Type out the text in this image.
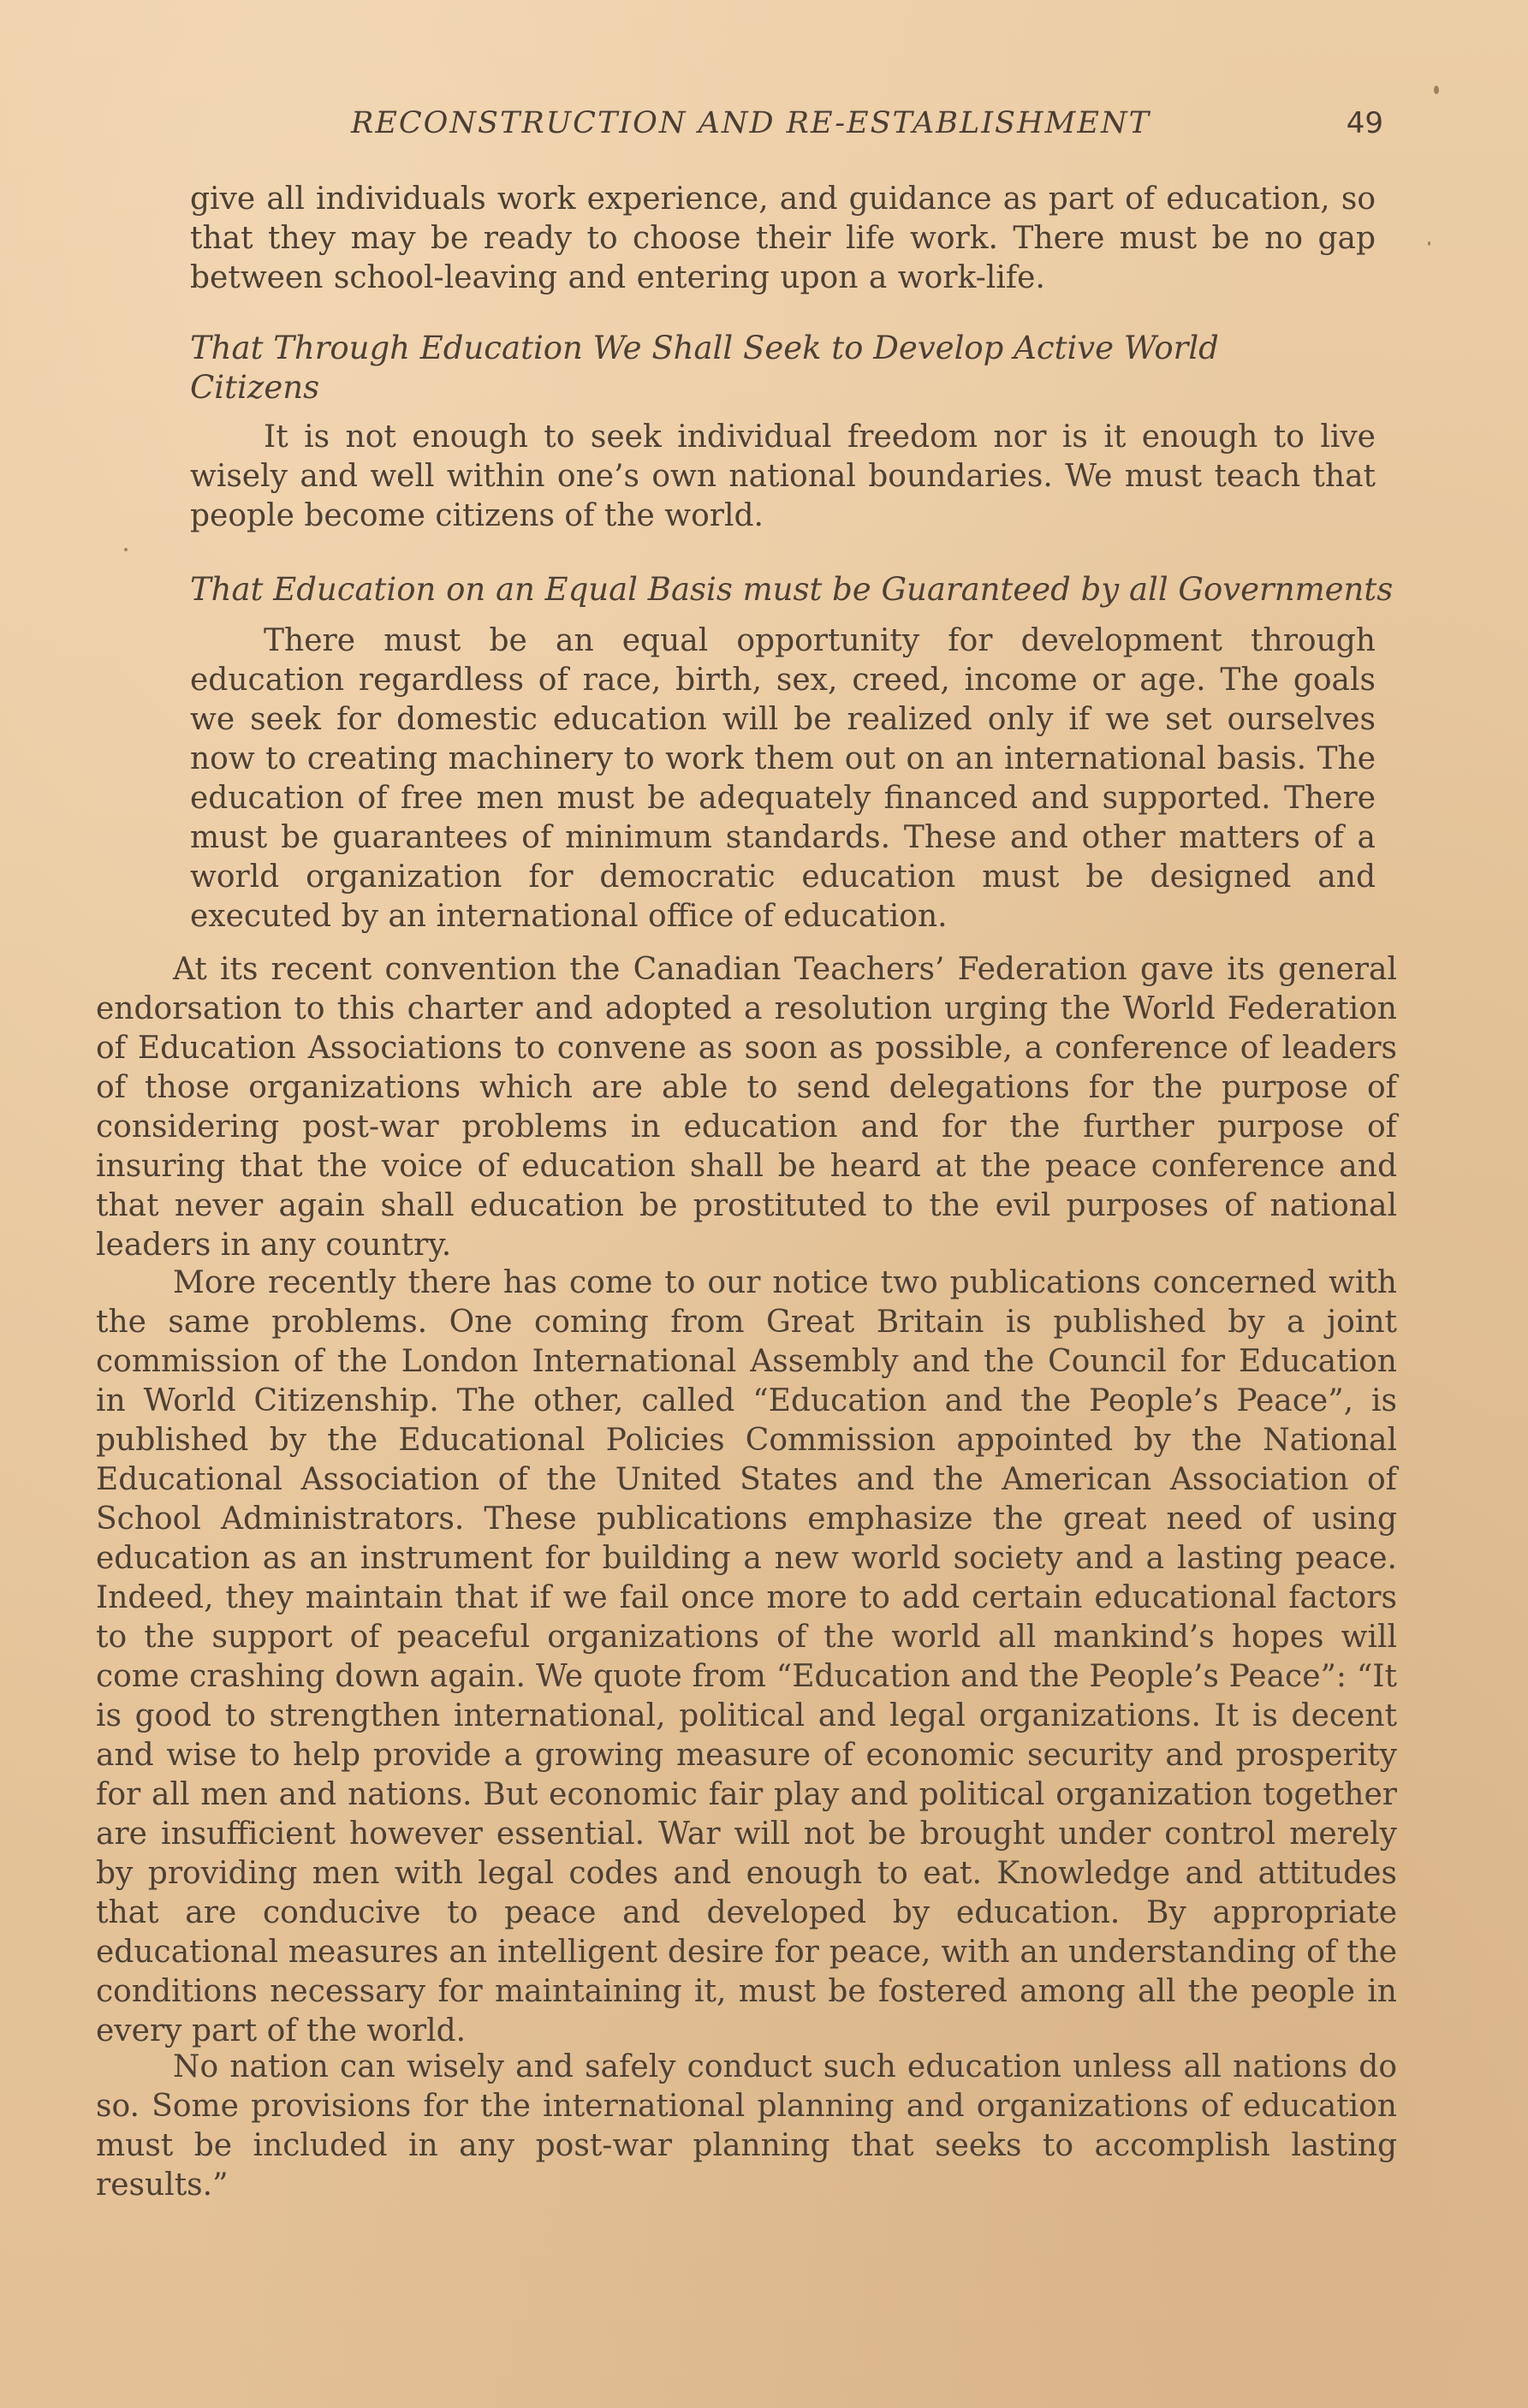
RECONSTRUCTION AND RE-ESTABLISHMENT	49

give all individuals work experience, and guidance as part of education, so that they may be ready to choose their life work. There must be no gap between school-leaving and entering upon a work-life.

That Through Education We Shall Seek to Develop Active World Citizens

It is not enough to seek individual freedom nor is it enough to live wisely and well within one’s own national boundaries. We must teach that people become citizens of the world.

That Education on an Equal Basis must be Guaranteed by all Governments

There must be an equal opportunity for development through education regardless of race, birth, sex, creed, income or age. The goals we seek for domestic education will be realized only if we set ourselves now to creating machinery to work them out on an international basis. The education of free men must be adequately financed and supported. There must be guarantees of minimum standards. These and other matters of a world organization for democratic education must be designed and executed by an international office of education.

At its recent convention the Canadian Teachers’ Federation gave its general endorsation to this charter and adopted a resolution urging the World Federation of Education Associations to convene as soon as possible, a conference of leaders of those organizations which are able to send delegations for the purpose of considering post-war problems in education and for the further purpose of insuring that the voice of education shall be heard at the peace conference and that never again shall education be prostituted to the evil purposes of national leaders in any country.

More recently there has come to our notice two publications concerned with the same problems. One coming from Great Britain is published by a joint commission of the London International Assembly and the Council for Education in World Citizenship. The other, called “Education and the People’s Peace”, is published by the Educational Policies Commission appointed by the National Educational Association of the United States and the American Association of School Administrators. These publications emphasize the great need of using education as an instrument for building a new world society and a lasting peace. Indeed, they maintain that if we fail once more to add certain educational factors to the support of peaceful organizations of the world all mankind’s hopes will come crashing down again. We quote from “Education and the People’s Peace”: “It is good to strengthen international, political and legal organizations. It is decent and wise to help provide a growing measure of economic security and prosperity for all men and nations. But economic fair play and political organization together are insufficient however essential. War will not be brought under control merely by providing men with legal codes and enough to eat. Knowledge and attitudes that are conducive to peace and developed by education. By appropriate educational measures an intelligent desire for peace, with an understanding of the conditions necessary for maintaining it, must be fostered among all the people in every part of the world.

No nation can wisely and safely conduct such education unless all nations do so. Some provisions for the international planning and organizations of education must be included in any post-war planning that seeks to accomplish lasting results.”
